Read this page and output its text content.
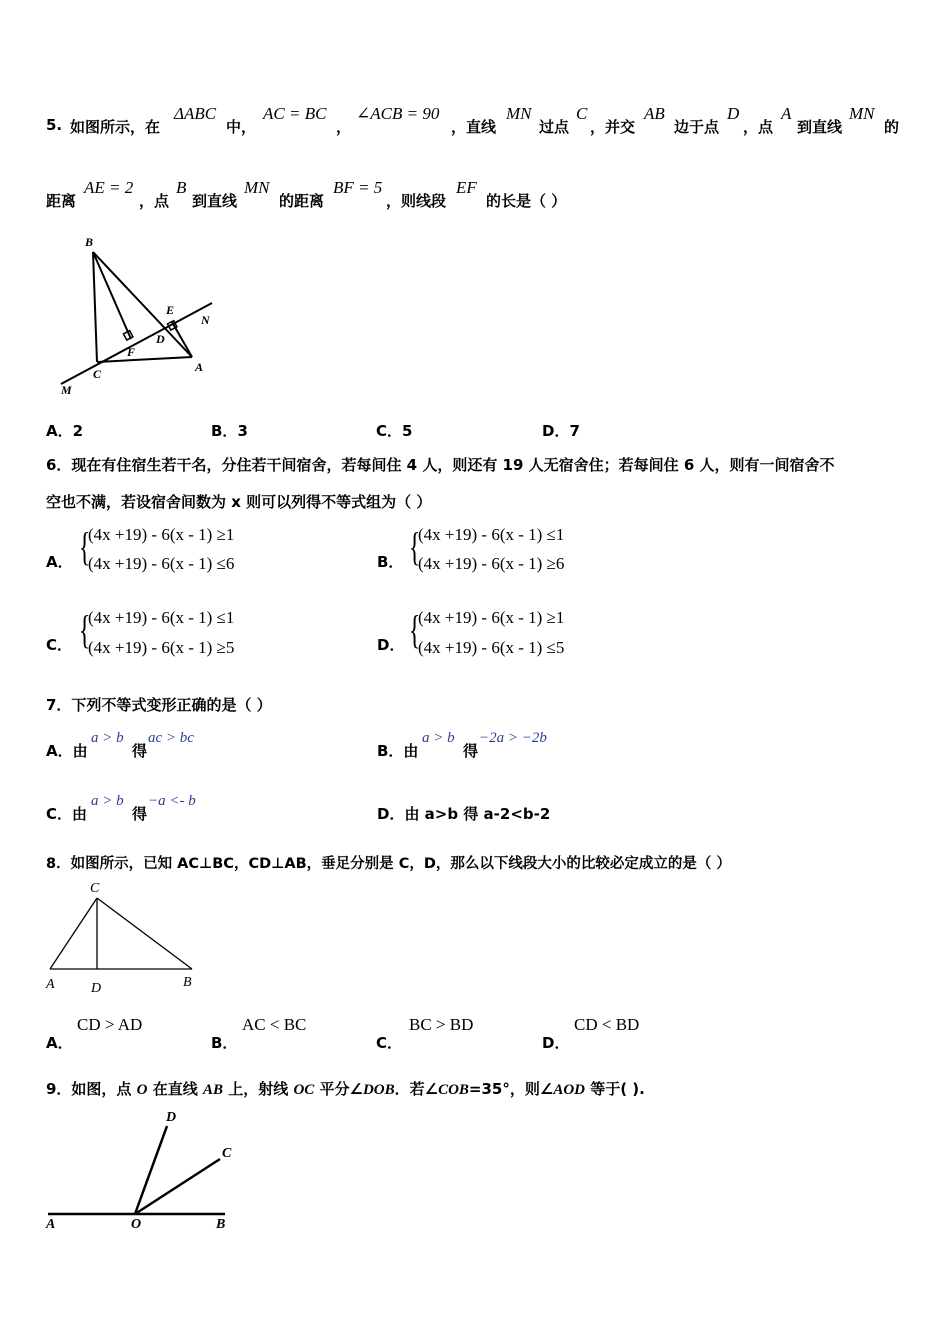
5. 如图所示，在
ΔABC
中，
AC = BC
，
∠ACB = 90
，直线
MN
过点
C
，并交
AB
边于点
D
，点
A
到直线
MN
的
距离
AE = 2
，点
B
到直线
MN
的距离
BF = 5
，则线段
EF
的长是（ ）
B
E
N
D
F
C	A
M
A．2	B．3	C．5	D．7
6．现在有住宿生若干名，分住若干间宿舍，若每间住 4 人，则还有 19 人无宿舍住；若每间住 6 人，则有一间宿舍不
空也不满，若设宿舍间数为 x 则可以列得不等式组为（ ）
A． {
(4x +19) - 6(x - 1) ≥1
(4x +19) - 6(x - 1) ≤6	B． {
(4x +19) - 6(x - 1) ≤1
(4x +19) - 6(x - 1) ≥6
C． {
(4x +19) - 6(x - 1) ≤1
(4x +19) - 6(x - 1) ≥5	D． {
(4x +19) - 6(x - 1) ≥1
(4x +19) - 6(x - 1) ≤5
7．下列不等式变形正确的是（ ）
A．由
a > b
得
ac > bc
B．由
a > b
得
−2a > −2b
C．由
a > b
得
−a <- b
D．由 a>b 得 a-2<b-2
8．如图所示，已知 AC⊥BC，CD⊥AB，垂足分别是 C，D，那么以下线段大小的比较必定成立的是（ ）
C
A	D	B
A．
CD > AD
B．
AC < BC
C．
BC > BD
D．
CD < BD
9．如图，点 O 在直线 AB 上，射线 OC 平分∠DOB．若∠COB=35°，则∠AOD 等于( ).
D
C
A	O	B
